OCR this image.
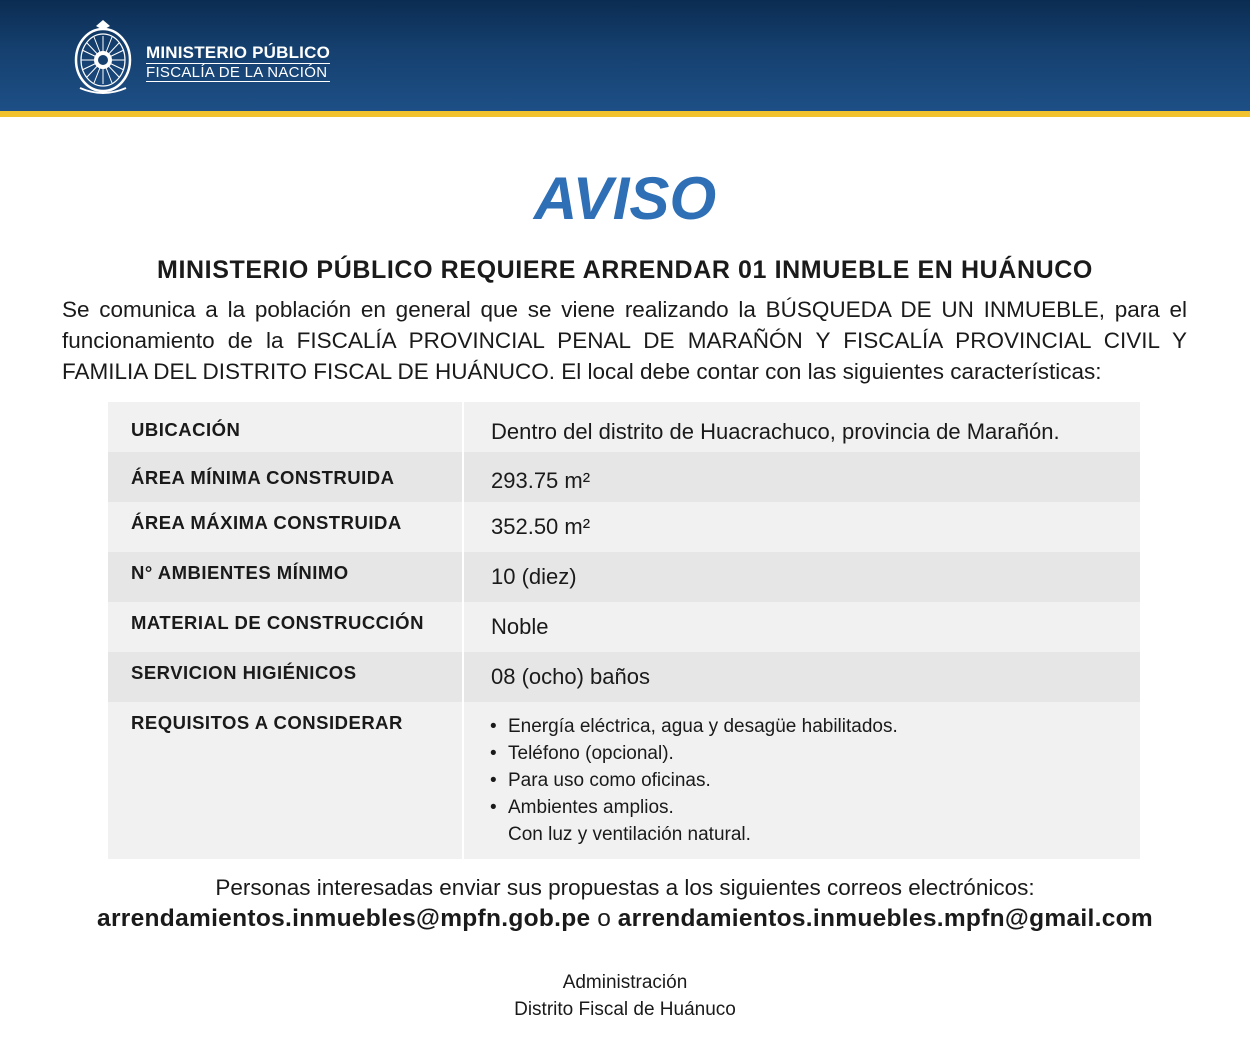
MINISTERIO PÚBLICO
FISCALÍA DE LA NACIÓN
AVISO
MINISTERIO PÚBLICO REQUIERE ARRENDAR 01 INMUEBLE EN HUÁNUCO

Se comunica a la población en general que se viene realizando la BÚSQUEDA DE UN INMUEBLE, para el funcionamiento de la FISCALÍA PROVINCIAL PENAL DE MARAÑÓN Y FISCALÍA PROVINCIAL CIVIL Y FAMILIA DEL DISTRITO FISCAL DE HUÁNUCO. El local debe contar con las siguientes características:

UBICACIÓN	Dentro del distrito de Huacrachuco, provincia de Marañón.
ÁREA MÍNIMA CONSTRUIDA	293.75 m²
ÁREA MÁXIMA CONSTRUIDA	352.50 m²
N° AMBIENTES MÍNIMO	10 (diez)
MATERIAL DE CONSTRUCCIÓN	Noble
SERVICION HIGIÉNICOS	08 (ocho) baños
REQUISITOS A CONSIDERAR	• Energía eléctrica, agua y desagüe habilitados.
• Teléfono (opcional).
• Para uso como oficinas.
• Ambientes amplios.
Con luz y ventilación natural.

Personas interesadas enviar sus propuestas a los siguientes correos electrónicos:

arrendamientos.inmuebles@mpfn.gob.pe o arrendamientos.inmuebles.mpfn@gmail.com

Administración
Distrito Fiscal de Huánuco
